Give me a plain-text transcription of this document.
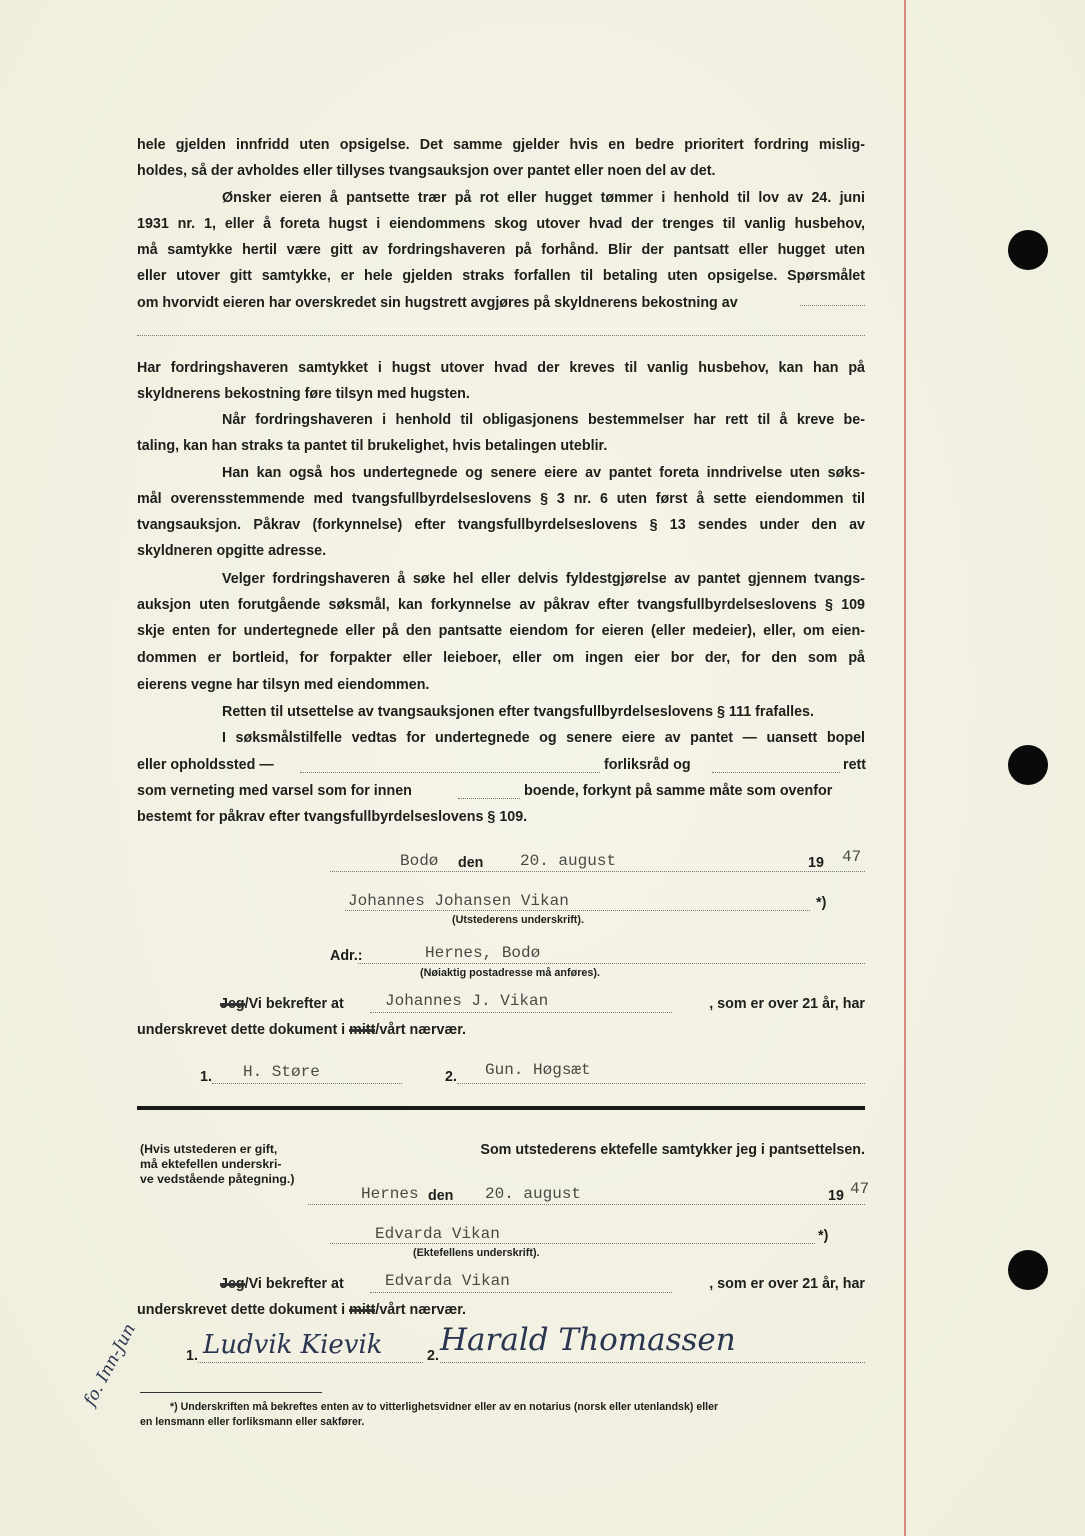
hele gjelden innfridd uten opsigelse. Det samme gjelder hvis en bedre prioritert fordring mislig-
holdes, så der avholdes eller tillyses tvangsauksjon over pantet eller noen del av det.
Ønsker eieren å pantsette trær på rot eller hugget tømmer i henhold til lov av 24. juni
1931 nr. 1, eller å foreta hugst i eiendommens skog utover hvad der trenges til vanlig husbehov,
må samtykke hertil være gitt av fordringshaveren på forhånd. Blir der pantsatt eller hugget uten
eller utover gitt samtykke, er hele gjelden straks forfallen til betaling uten opsigelse. Spørsmålet
om hvorvidt eieren har overskredet sin hugstrett avgjøres på skyldnerens bekostning av
Har fordringshaveren samtykket i hugst utover hvad der kreves til vanlig husbehov, kan han på
skyldnerens bekostning føre tilsyn med hugsten.
Når fordringshaveren i henhold til obligasjonens bestemmelser har rett til å kreve be-
taling, kan han straks ta pantet til brukelighet, hvis betalingen uteblir.
Han kan også hos undertegnede og senere eiere av pantet foreta inndrivelse uten søks-
mål overensstemmende med tvangsfullbyrdelseslovens § 3 nr. 6 uten først å sette eiendommen til
tvangsauksjon. Påkrav (forkynnelse) efter tvangsfullbyrdelseslovens § 13 sendes under den av
skyldneren opgitte adresse.
Velger fordringshaveren å søke hel eller delvis fyldestgjørelse av pantet gjennem tvangs-
auksjon uten forutgående søksmål, kan forkynnelse av påkrav efter tvangsfullbyrdelseslovens § 109
skje enten for undertegnede eller på den pantsatte eiendom for eieren (eller medeier), eller, om eien-
dommen er bortleid, for forpakter eller leieboer, eller om ingen eier bor der, for den som på
eierens vegne har tilsyn med eiendommen.
Retten til utsettelse av tvangsauksjonen efter tvangsfullbyrdelseslovens § 111 frafalles.
I søksmålstilfelle vedtas for undertegnede og senere eiere av pantet — uansett bopel
eller opholdssted —	forliksråd og	rett
som verneting med varsel som for innen	boende, forkynt på samme måte som ovenfor
bestemt for påkrav efter tvangsfullbyrdelseslovens § 109.
Bodø den 20. august	19 47
Johannes Johansen Vikan	*)
(Utstederens underskrift).
Adr.:	Hernes, Bodø
(Nøiaktig postadresse må anføres).
Jeg/Vi bekrefter at	Johannes J. Vikan	, som er over 21 år, har
underskrevet dette dokument i mitt/vårt nærvær.
1. H. Støre	2. Gun. Høgsæt
(Hvis utstederen er gift,
må ektefellen underskri-
ve vedstående påtegning.)
Som utstederens ektefelle samtykker jeg i pantsettelsen.
Hernes den 20. august	19 47
Edvarda Vikan	*)
(Ektefellens underskrift).
Jeg/Vi bekrefter at	Edvarda Vikan	, som er over 21 år, har
underskrevet dette dokument i mitt/vårt nærvær.
1. Ludvik Kievik	2. Harald Thomassen
fo. Inn-Jun	*) Underskriften må bekreftes enten av to vitterlighetsvidner eller av en notarius (norsk eller utenlandsk) eller
en lensmann eller forliksmann eller sakfører.
